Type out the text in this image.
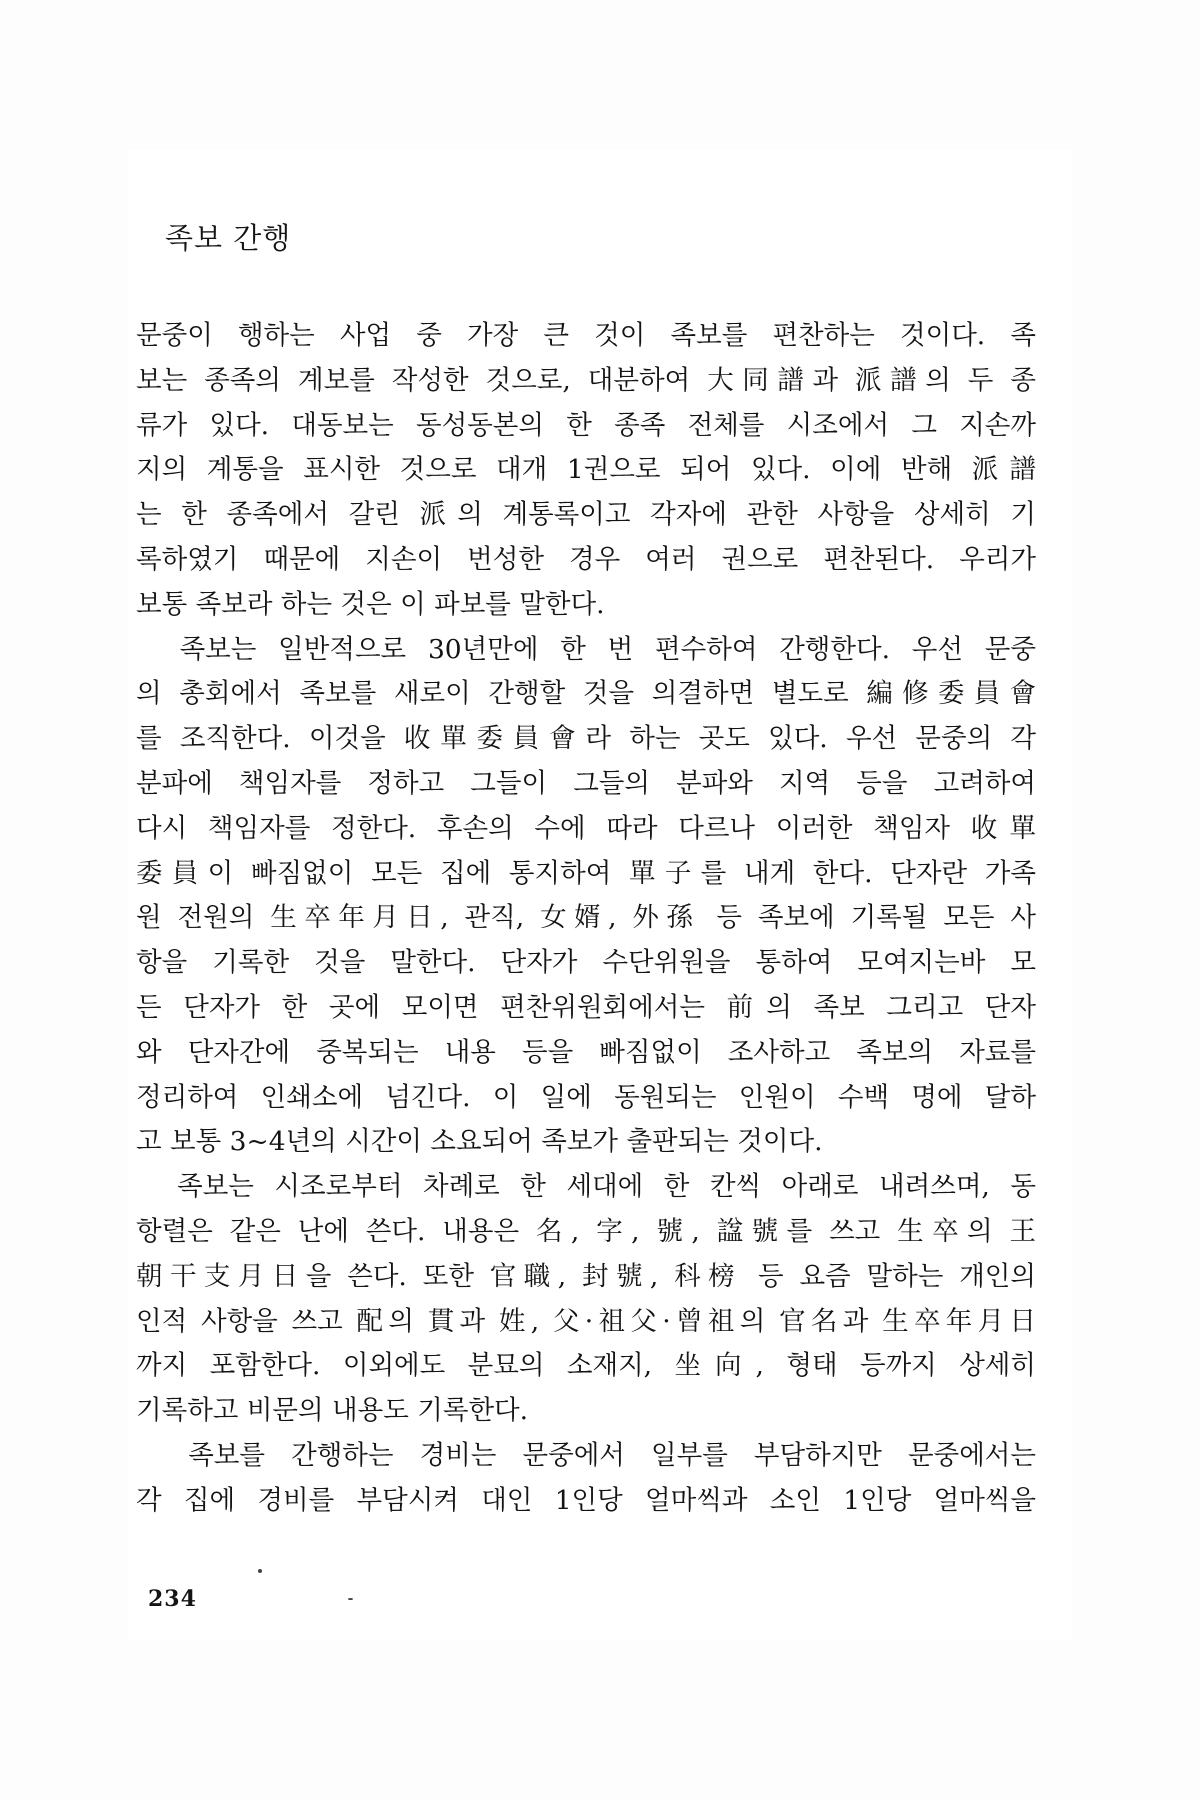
족보 간행
문중이 행하는 사업 중 가장 큰 것이 족보를 편찬하는 것이다. 족
보는 종족의 계보를 작성한 것으로, 대분하여 大同譜과 派譜의 두 종
류가 있다. 대동보는 동성동본의 한 종족 전체를 시조에서 그 지손까
지의 계통을 표시한 것으로 대개 1권으로 되어 있다. 이에 반해 派譜
는 한 종족에서 갈린 派의 계통록이고 각자에 관한 사항을 상세히 기
록하였기 때문에 지손이 번성한 경우 여러 권으로 편찬된다. 우리가
보통 족보라 하는 것은 이 파보를 말한다.
족보는 일반적으로 30년만에 한 번 편수하여 간행한다. 우선 문중
의 총회에서 족보를 새로이 간행할 것을 의결하면 별도로 編修委員會
를 조직한다. 이것을 收單委員會라 하는 곳도 있다. 우선 문중의 각
분파에 책임자를 정하고 그들이 그들의 분파와 지역 등을 고려하여
다시 책임자를 정한다. 후손의 수에 따라 다르나 이러한 책임자 收單
委員이 빠짐없이 모든 집에 통지하여 單子를 내게 한다. 단자란 가족
원 전원의 生卒年月日, 관직, 女婿, 外孫 등 족보에 기록될 모든 사
항을 기록한 것을 말한다. 단자가 수단위원을 통하여 모여지는바 모
든 단자가 한 곳에 모이면 편찬위원회에서는 前의 족보 그리고 단자
와 단자간에 중복되는 내용 등을 빠짐없이 조사하고 족보의 자료를
정리하여 인쇄소에 넘긴다. 이 일에 동원되는 인원이 수백 명에 달하
고 보통 3~4년의 시간이 소요되어 족보가 출판되는 것이다.
족보는 시조로부터 차례로 한 세대에 한 칸씩 아래로 내려쓰며, 동
항렬은 같은 난에 쓴다. 내용은 名, 字, 號, 諡號를 쓰고 生卒의 王
朝干支月日을 쓴다. 또한 官職, 封號, 科榜 등 요즘 말하는 개인의
인적 사항을 쓰고 配의 貫과 姓, 父·祖父·曾祖의 官名과 生卒年月日
까지 포함한다. 이외에도 분묘의 소재지, 坐向, 형태 등까지 상세히
기록하고 비문의 내용도 기록한다.
족보를 간행하는 경비는 문중에서 일부를 부담하지만 문중에서는
각 집에 경비를 부담시켜 대인 1인당 얼마씩과 소인 1인당 얼마씩을
234
